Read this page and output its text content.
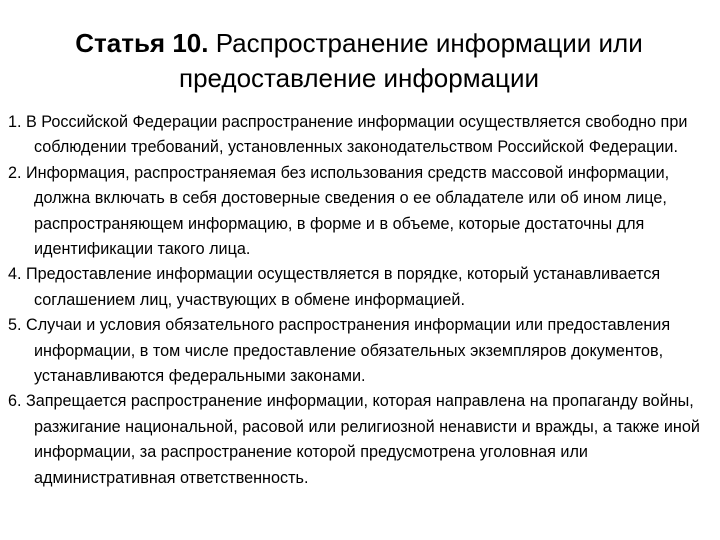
Статья 10. Распространение информации или предоставление информации
1. В Российской Федерации распространение информации осуществляется свободно при соблюдении требований, установленных законодательством Российской Федерации.
2. Информация, распространяемая без использования средств массовой информации, должна включать в себя достоверные сведения о ее обладателе или об ином лице, распространяющем информацию, в форме и в объеме, которые достаточны для идентификации такого лица.
4. Предоставление информации осуществляется в порядке, который устанавливается соглашением лиц, участвующих в обмене информацией.
5. Случаи и условия обязательного распространения информации или предоставления информации, в том числе предоставление обязательных экземпляров документов, устанавливаются федеральными законами.
6. Запрещается распространение информации, которая направлена на пропаганду войны, разжигание национальной, расовой или религиозной ненависти и вражды, а также иной информации, за распространение которой предусмотрена уголовная или административная ответственность.
